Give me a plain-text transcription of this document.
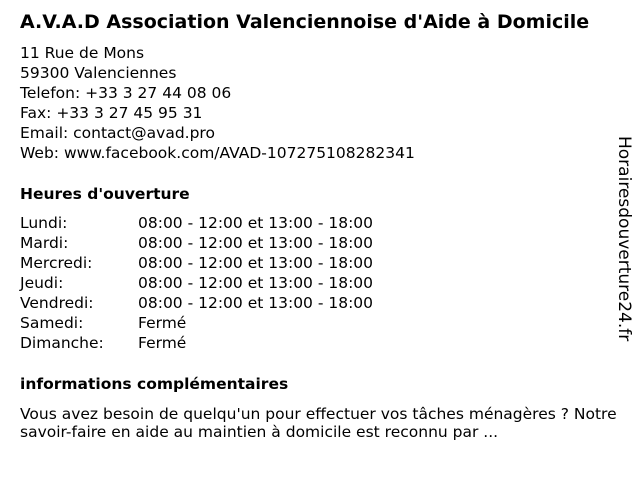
A.V.A.D Association Valenciennoise d'Aide à Domicile
11 Rue de Mons
59300 Valenciennes
Telefon: +33 3 27 44 08 06
Fax: +33 3 27 45 95 31
Email: contact@avad.pro
Web: www.facebook.com/AVAD-107275108282341
Heures d'ouverture
Lundi:	08:00 - 12:00 et 13:00 - 18:00
Mardi:	08:00 - 12:00 et 13:00 - 18:00
Mercredi:	08:00 - 12:00 et 13:00 - 18:00
Jeudi:	08:00 - 12:00 et 13:00 - 18:00
Vendredi:	08:00 - 12:00 et 13:00 - 18:00
Samedi:	Fermé
Dimanche:	Fermé
informations complémentaires
Vous avez besoin de quelqu'un pour effectuer vos tâches ménagères ? Notre savoir-faire en aide au maintien à domicile est reconnu par ...
Horairesdouverture24.fr
